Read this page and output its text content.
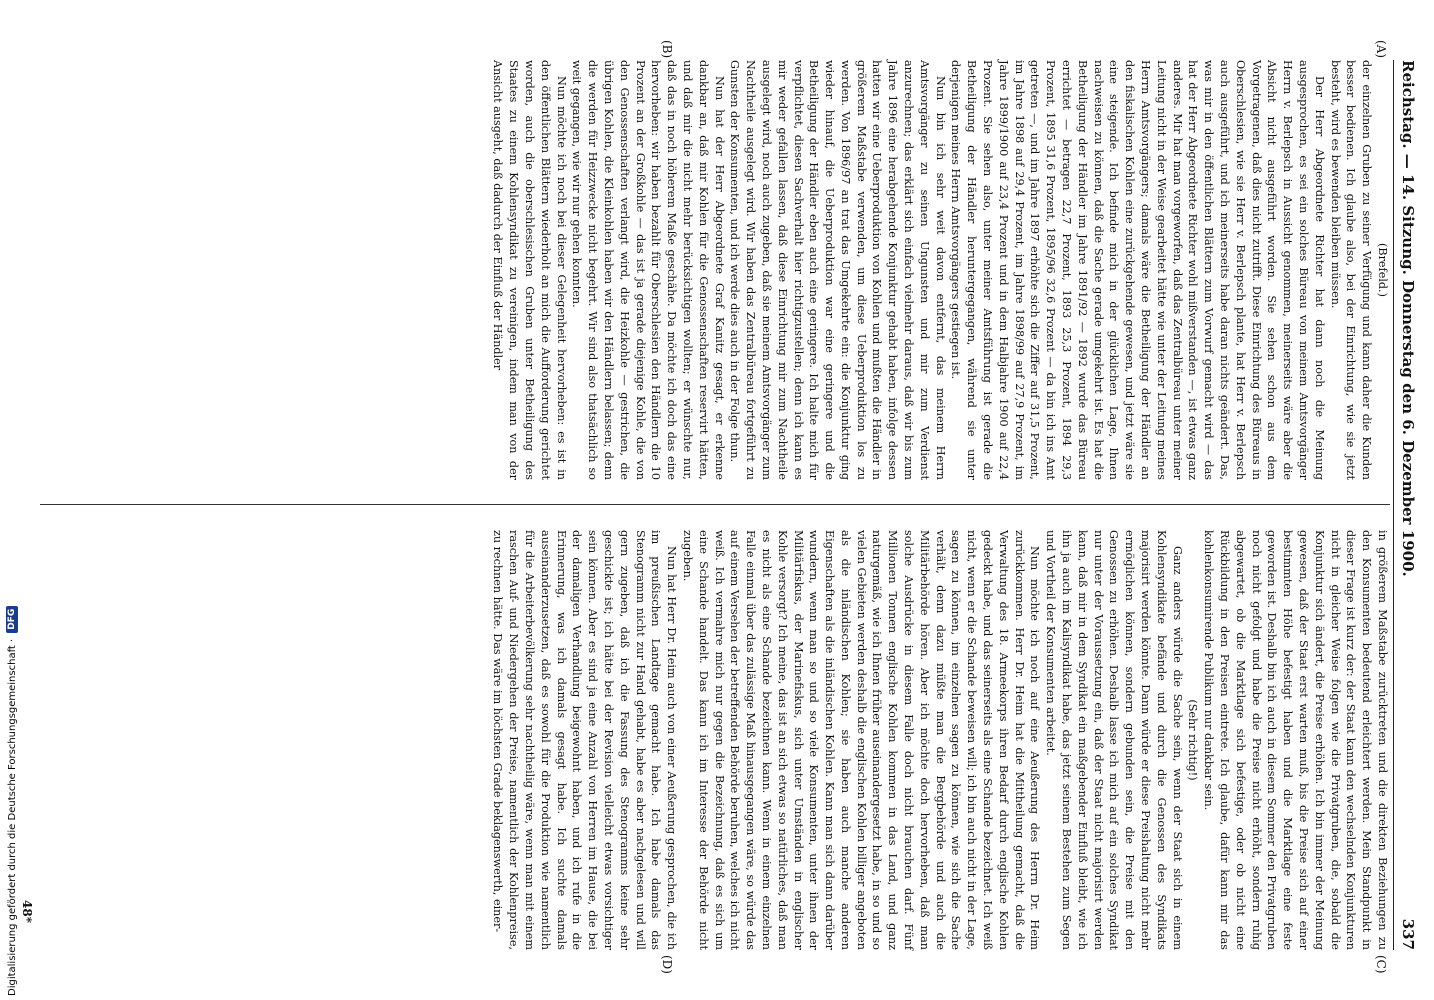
Reichstag. — 14. Sitzung. Donnerstag den 6. Dezember 1900.
337
(A)
(B)
(C)
(D)

(Brefeld.)

der einzelnen Gruben zu seiner Verfügung und kann daher die Kunden besser bedienen. Ich glaube also, bei der Einrichtung, wie sie jetzt besteht, wird es bewenden bleiben müssen.

Der Herr Abgeordnete Richter hat dann noch die Meinung ausgesprochen, es sei ein solches Büreau von meinem Amtsvorgänger Herrn v. Berlepsch in Aussicht genommen, meinerseits wäre aber die Absicht nicht ausgeführt worden. Sie sehen schon aus dem Vorgetragenen, daß dies nicht zutrifft. Diese Einrichtung des Büreaus in Oberschlesien, wie sie Herr v. Berlepsch plante, hat Herr v. Berlepsch auch ausgeführt, und ich meinerseits habe daran nichts geändert. Das, was mir in den öffentlichen Blättern zum Vorwurf gemacht wird — das hat der Herr Abgeordnete Richter wohl mißverstanden —, ist etwas ganz anderes. Mir hat man vorgeworfen, daß das Zentralbüreau unter meiner Leitung nicht in der Weise gearbeitet hätte wie unter der Leitung meines Herrn Amtsvorgängers; damals wäre die Betheiligung der Händler an den fiskalischen Kohlen eine zurückgehende gewesen, und jetzt wäre sie eine steigende. Ich befinde mich in der glücklichen Lage, Ihnen nachweisen zu können, daß die Sache gerade umgekehrt ist. Es hat die Betheiligung der Händler im Jahre 1891/92 — 1892 wurde das Büreau errichtet — betragen 22,7 Prozent, 1893 25,3 Prozent, 1894 29,3 Prozent, 1895 31,6 Prozent, 1895/96 32,6 Prozent — da bin ich ins Amt getreten —, und im Jahre 1897 erhöhte sich die Ziffer auf 31,5 Prozent, im Jahre 1898 auf 29,4 Prozent, im Jahre 1898/99 auf 27,9 Prozent, im Jahre 1899/1900 auf 23,4 Prozent und in dem Halbjahre 1900 auf 22,4 Prozent. Sie sehen also, unter meiner Amtsführung ist gerade die Betheiligung der Händler heruntergegangen, während sie unter derjenigen meines Herrn Amtsvorgängers gestiegen ist.

Nun bin ich sehr weit davon entfernt, das meinem Herrn Amtsvorgänger zu seinen Ungunsten und mir zum Verdienst anzurechnen; das erklärt sich einfach vielmehr daraus, daß wir bis zum Jahre 1896 eine herabgehende Konjunktur gehabt haben, infolge dessen hatten wir eine Ueberproduktion von Kohlen und mußten die Händler in größerem Maßstabe verwenden, um diese Ueberproduktion los zu werden. Von 1896/97 an trat das Umgekehrte ein: die Konjunktur ging wieder hinauf, die Ueberproduktion war eine geringere und die Betheiligung der Händler eben auch eine geringere. Ich halte mich für verpflichtet, diesen Sachverhalt hier richtigzustellen; denn ich kann es mir weder gefallen lassen, daß diese Einrichtung mir zum Nachtheile ausgelegt wird, noch auch zugeben, daß sie meinem Amtsvorgänger zum Nachtheile ausgelegt wird. Wir haben das Zentralbüreau fortgeführt zu Gunsten der Konsumenten, und ich werde dies auch in der Folge thun.

Nun hat der Herr Abgeordnete Graf Kanitz gesagt, er erkenne dankbar an, daß mir Kohlen für die Genossenschaften reservirt hätten, und daß mir die nicht mehr berücksichtigen wollten; er wünschte nur, daß das in noch höherem Maße geschähe. Da möchte ich doch das eine hervorheben: wir haben bezahlt für Oberschlesien den Händlern die 10 Prozent an der Großkohle — das ist ja gerade diejenige Kohle, die von den Genossenschaften verlangt wird, die Heizkohle — gestrichen, die übrigen Kohlen, die Kleinkohlen haben wir den Händlern belassen; denn die werden für Heizzwecke nicht begehrt. Wir sind also thatsächlich so weit gegangen, wie wir nur gehen konnten.

Nun möchte ich noch bei dieser Gelegenheit hervorheben: es ist in den öffentlichen Blättern wiederholt an mich die Aufforderung gerichtet worden, auch die oberschlesischen Gruben unter Betheiligung des Staates zu einem Kohlensyndikat zu vereinigen, indem man von der Ansicht ausgeht, daß dadurch der Einfluß der Händler

in größerem Maßstabe zurücktreten und die direkten Beziehungen zu den Konsumenten bedeutend erleichtert werden. Mein Standpunkt in dieser Frage ist kurz der: der Staat kann den wechselnden Konjunkturen nicht in gleicher Weise folgen wie die Privatgruben, die, sobald die Konjunktur sich ändert, die Preise erhöhen. Ich bin immer der Meinung gewesen, daß der Staat erst warten muß, bis die Preise sich auf einer bestimmten Höhe befestigt haben und die Marktlage eine feste geworden ist. Deshalb bin ich auch in diesem Sommer den Privatgruben noch nicht gefolgt und habe die Preise nicht erhöht, sondern ruhig abgewartet, ob die Marktlage sich befestige, oder ob nicht eine Rückbildung in den Preisen eintrete. Ich glaube, dafür kann mir das kohlenkonsumirende Publikum nur dankbar sein.

(Sehr richtig!)

Ganz anders würde die Sache sein, wenn der Staat sich in einem Kohlensyndikate befände und durch die Genossen des Syndikats majorisirt werden könnte. Dann würde er diese Preishaltung nicht mehr ermöglichen können, sondern gebunden sein, die Preise mit den Genossen zu erhöhen. Deshalb lasse ich mich auf ein solches Syndikat nur unter der Voraussetzung ein, daß der Staat nicht majorisirt werden kann, daß mir in dem Syndikat ein maßgebender Einfluß bleibt, wie ich ihn ja auch im Kalisyndikat habe, das jetzt seinem Bestehen zum Segen und Vortheil der Konsumenten arbeitet.

Nun möchte ich noch auf eine Aeußerung des Herrn Dr. Heim zurückkommen. Herr Dr. Heim hat die Mittheilung gemacht, daß die Verwaltung des 18. Armeekorps ihren Bedarf durch englische Kohlen gedeckt habe, und das seinerseits als eine Schande bezeichnet. Ich weiß nicht, wenn er die Schande beweisen will; ich bin auch nicht in der Lage, sagen zu können, im einzelnen sagen zu können, wie sich die Sache verhält, denn dazu müßte man die Bergbehörde und auch die Militärbehörde hören. Aber ich möchte doch hervorheben, daß man solche Ausdrücke in diesem Falle doch nicht brauchen darf. Fünf Millionen Tonnen englische Kohlen kommen in das Land, und ganz naturgemäß, wie ich Ihnen früher auseinandergesetzt habe, in so und so vielen Gebieten werden deshalb die englischen Kohlen billiger angeboten als die inländischen Kohlen; sie haben auch manche anderen Eigenschaften als die inländischen Kohlen. Kann man sich dann darüber wundern, wenn man so und so viele Konsumenten, unter ihnen der Militärfiskus, der Marinefiskus, sich unter Umständen in englischer Kohle versorgt? Ich meine, das ist an sich etwas so natürliches, daß man es nicht als eine Schande bezeichnen kann. Wenn in einem einzelnen Falle einmal über das zulässige Maß hinausgegangen wäre, so würde das auf einem Versehen der betreffenden Behörde beruhen, welches ich nicht weiß. Ich vermahre mich nur gegen die Bezeichnung, daß es sich um eine Schande handelt. Das kann ich im Interesse der Behörde nicht zugeben.

Nun hat Herr Dr. Heim auch von einer Aeußerung gesprochen, die ich im preußischen Landtage gemacht habe. Ich habe damals das Stenogramm nicht zur Hand gehabt, habe es aber nachgelesen und will gern zugeben, daß ich die Fassung des Stenogramms keine sehr geschickte ist; ich hätte bei der Revision vielleicht etwas vorsichtiger sein können. Aber es sind ja eine Anzahl von Herren im Hause, die bei der damaligen Verhandlung beigewohnt haben, und ich rufe in die Erinnerung, was ich damals gesagt habe. Ich suchte damals auseinanderzusetzen, daß es sowohl für die Produktion wie namentlich für die Arbeiterbevölkerung sehr nachtheilig wäre, wenn man mit einem raschen Auf- und Niedergehen der Preise, namentlich der Kohlenpreise, zu rechnen hätte. Das wäre im höchsten Grade beklagenswerth, einer-

48*
Digitalisierung gefördert durch die Deutsche Forschungsgemeinschaft ·
DFG
